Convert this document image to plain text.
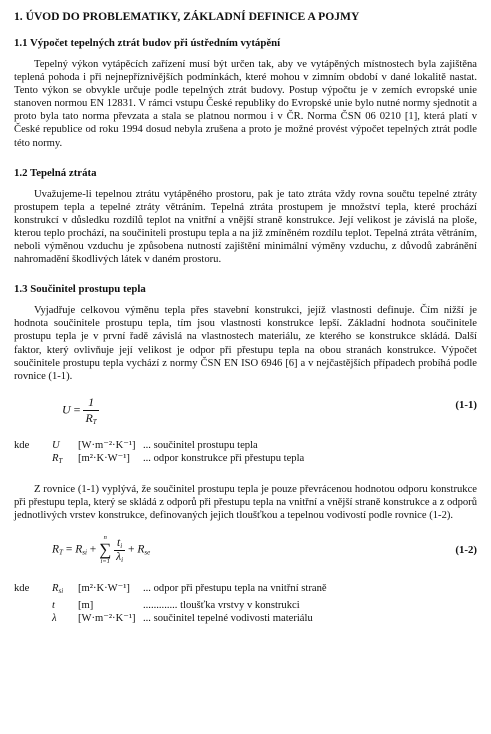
1. ÚVOD DO PROBLEMATIKY, ZÁKLADNÍ DEFINICE A POJMY
1.1 Výpočet tepelných ztrát budov při ústředním vytápění

Tepelný výkon vytápěcích zařízení musí být určen tak, aby ve vytápěných místnostech byla zajištěna teplená pohoda i při nejnepříznivějších podmínkách, které mohou v zimním období v dané lokalitě nastat. Tento výkon se obvykle určuje podle tepelných ztrát budovy. Postup výpočtu je v zemích evropské unie stanoven normou EN 12831. V rámci vstupu České republiky do Evropské unie bylo nutné normy sjednotit a proto byla tato norma převzata a stala se platnou normou i v ČR. Norma ČSN 06 0210 [1], která platí v České republice od roku 1994 dosud nebyla zrušena a proto je možné provést výpočet tepelných ztrát podle této normy.

1.2 Tepelná ztráta

Uvažujeme-li tepelnou ztrátu vytápěného prostoru, pak je tato ztráta vždy rovna součtu tepelné ztráty prostupem tepla a tepelné ztráty větráním. Tepelná ztráta prostupem je množství tepla, které prochází konstrukcí v důsledku rozdílů teplot na vnitřní a vnější straně konstrukce. Její velikost je závislá na ploše, kterou teplo prochází, na součiniteli prostupu tepla a na již zmíněném rozdílu teplot. Tepelná ztráta větráním, neboli výměnou vzduchu je způsobena nutností zajištění minimální výměny vzduchu, z důvodů zabránění nahromadění škodlivých látek v daném prostoru.

1.3 Součinitel prostupu tepla

Vyjadřuje celkovou výměnu tepla přes stavební konstrukci, jejíž vlastnosti definuje. Čím nižší je hodnota součinitele prostupu tepla, tím jsou vlastnosti konstrukce lepší. Základní hodnota součinitele prostupu tepla je v první řadě závislá na vlastnostech materiálu, ze kterého se konstrukce skládá. Další faktor, který ovlivňuje její velikost je odpor při přestupu tepla na obou stranách konstrukce. Výpočet součinitele prostupu tepla vychází z normy ČSN EN ISO 6946 [6] a v nejčastějších případech probíhá podle rovnice (1-1).

$U = \frac{1}{R_T}$	(1-1)
kde	U	[W·m⁻²·K⁻¹] ... součinitel prostupu tepla
$R_T$	[m²·K·W⁻¹]	... odpor konstrukce při přestupu tepla

Z rovnice (1-1) vyplývá, že součinitel prostupu tepla je pouze převrácenou hodnotou odporu konstrukce při přestupu tepla, který se skládá z odporů při přestupu tepla na vnitřní a vnější straně konstrukce a z odporů jednotlivých vrstev konstrukce, definovaných jejich tloušťkou a tepelnou vodivostí podle rovnice (1-2).

$R_T = R_{si}$ +
n
∑
i=1
$\frac{t_i}{\lambda_i} + R_{se}$	(1-2)
kde	$R_{si}$	[m²·K·W⁻¹]	... odpor při přestupu tepla na vnitřní straně
t	[m]	............. tloušťka vrstvy v konstrukci
λ	[W·m⁻²·K⁻¹] ... součinitel tepelné vodivosti materiálu
